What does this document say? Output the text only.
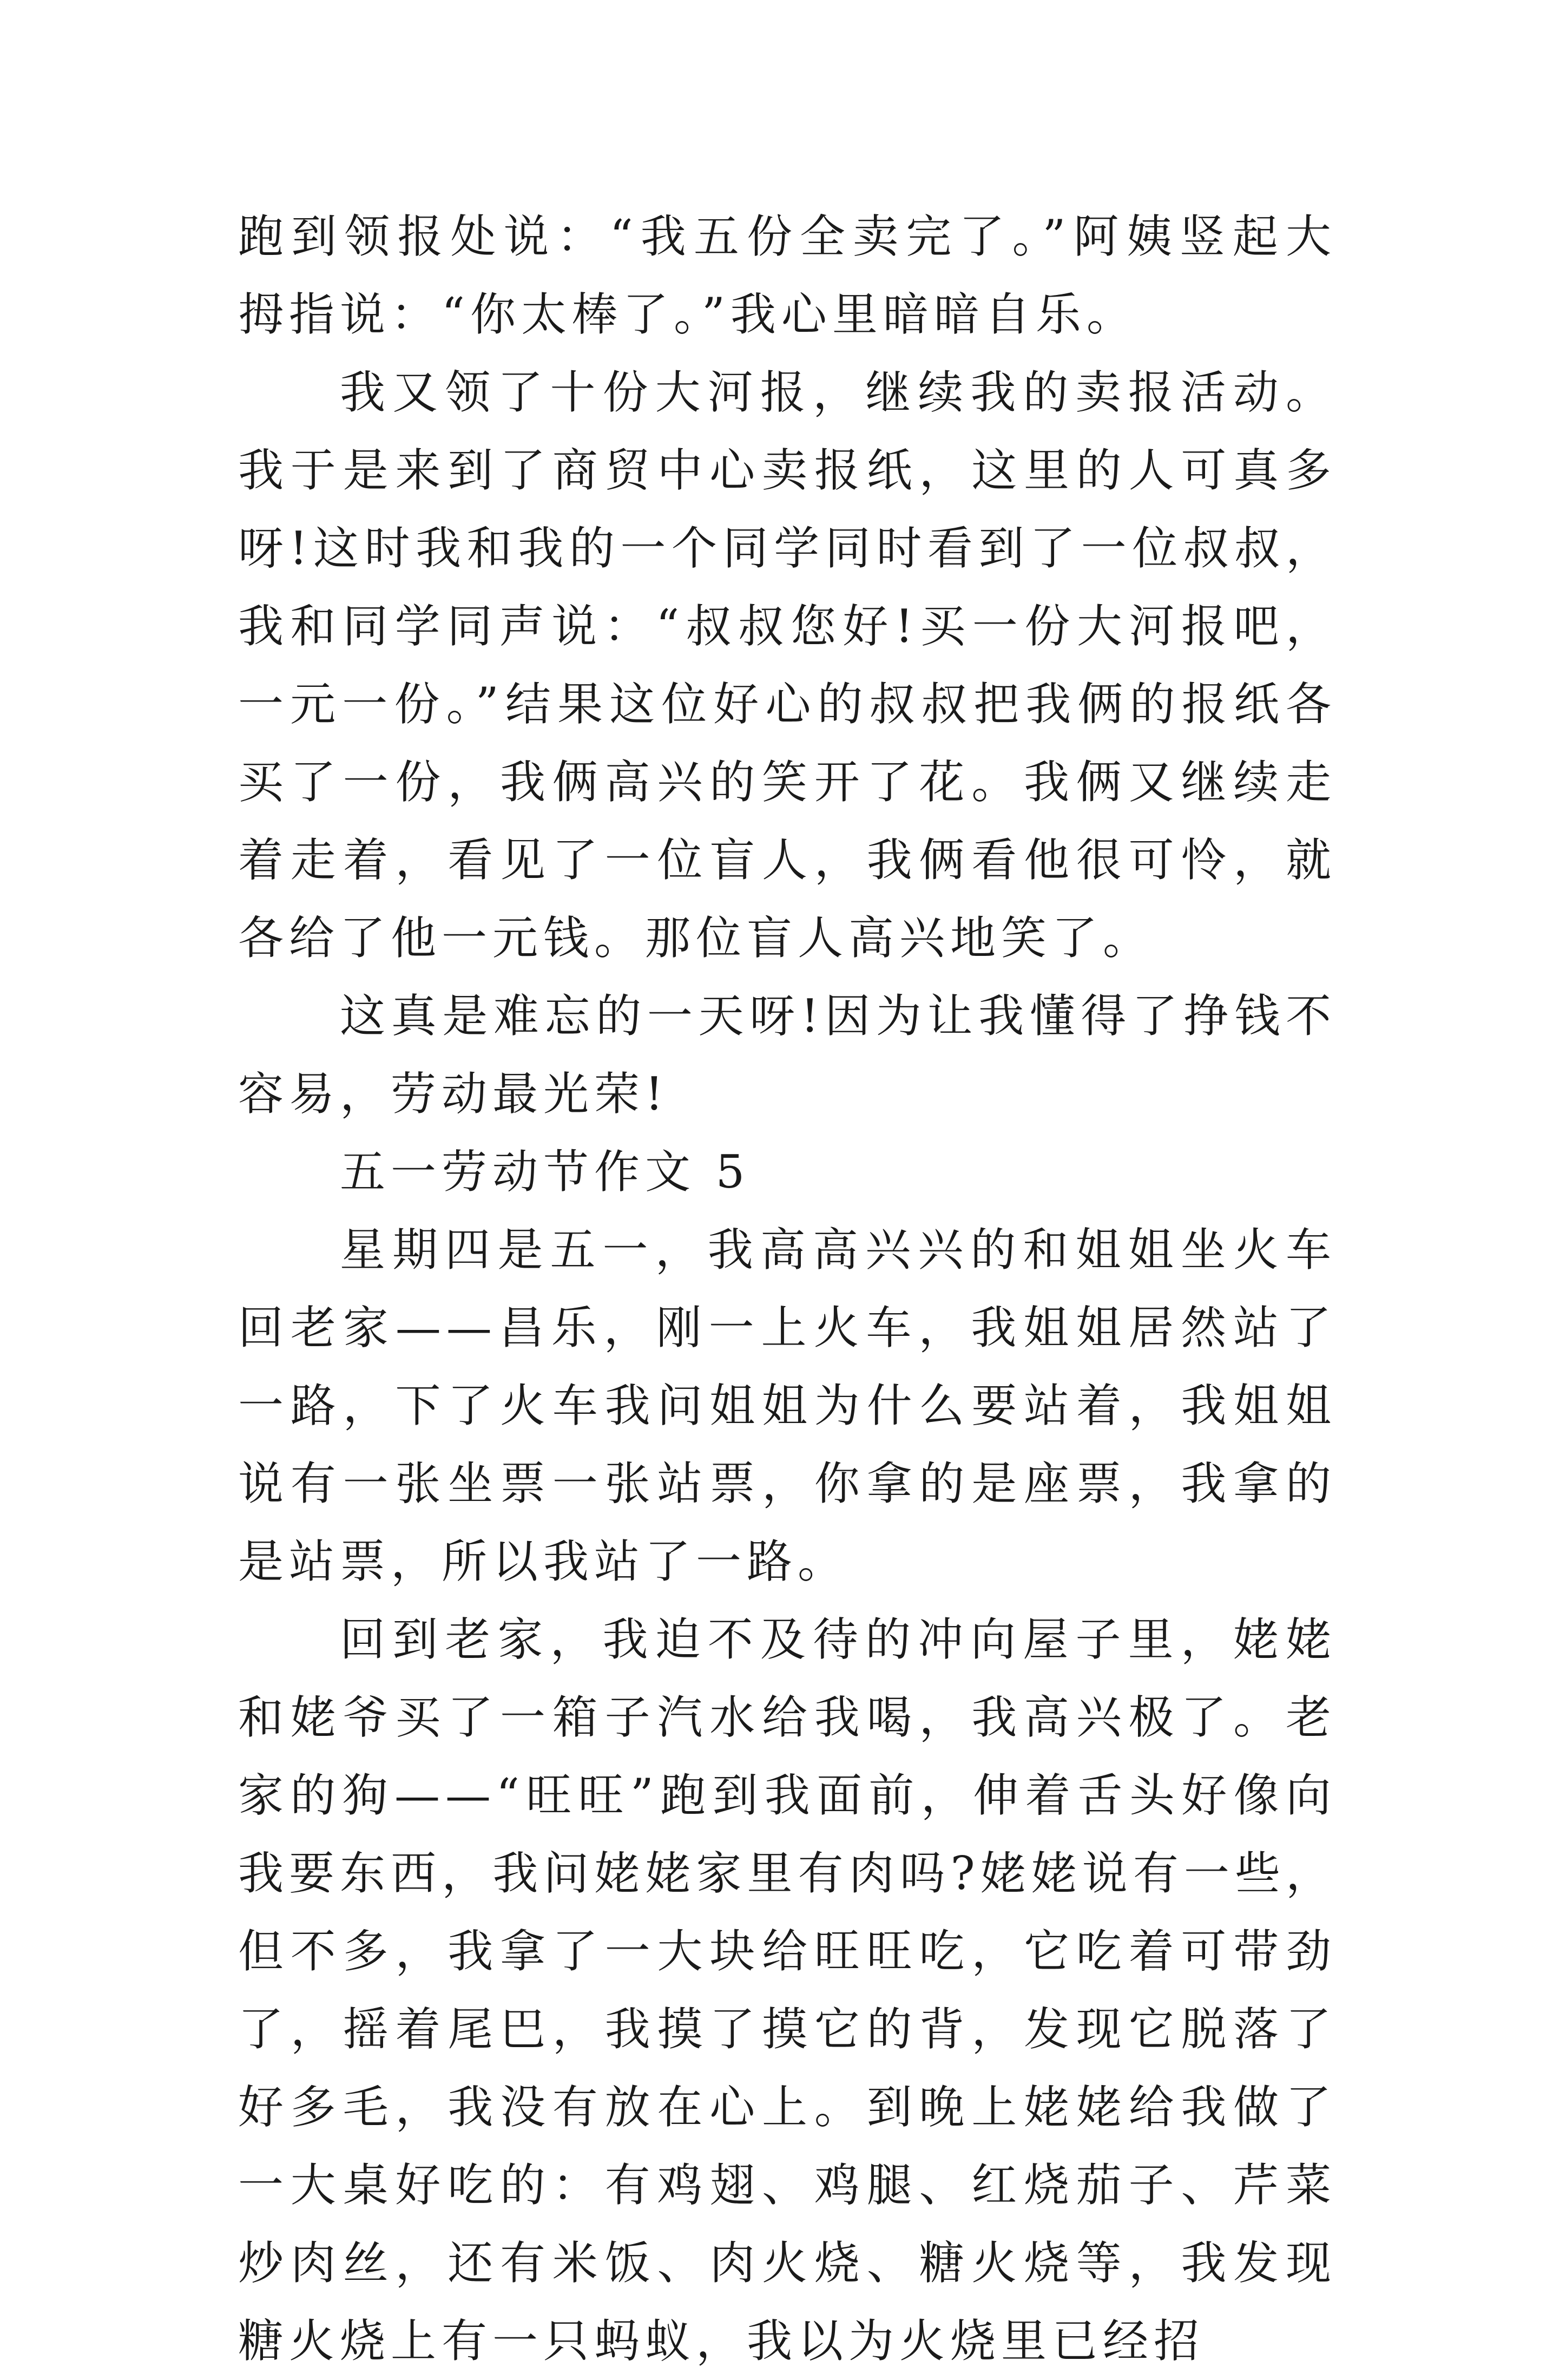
跑到领报处说：“我五份全卖完了。”阿姨竖起大拇指说：“你太棒了。”我心里暗暗自乐。

我又领了十份大河报，继续我的卖报活动。我于是来到了商贸中心卖报纸，这里的人可真多呀!这时我和我的一个同学同时看到了一位叔叔，我和同学同声说：“叔叔您好!买一份大河报吧，一元一份。”结果这位好心的叔叔把我俩的报纸各买了一份，我俩高兴的笑开了花。我俩又继续走着走着，看见了一位盲人，我俩看他很可怜，就各给了他一元钱。那位盲人高兴地笑了。

这真是难忘的一天呀!因为让我懂得了挣钱不容易，劳动最光荣!

五一劳动节作文 5

星期四是五一，我高高兴兴的和姐姐坐火车回老家——昌乐，刚一上火车，我姐姐居然站了一路，下了火车我问姐姐为什么要站着，我姐姐说有一张坐票一张站票，你拿的是座票，我拿的是站票，所以我站了一路。

回到老家，我迫不及待的冲向屋子里，姥姥和姥爷买了一箱子汽水给我喝，我高兴极了。老家的狗——“旺旺”跑到我面前，伸着舌头好像向我要东西，我问姥姥家里有肉吗?姥姥说有一些，但不多，我拿了一大块给旺旺吃，它吃着可带劲了，摇着尾巴，我摸了摸它的背，发现它脱落了好多毛，我没有放在心上。到晚上姥姥给我做了一大桌好吃的：有鸡翅、鸡腿、红烧茄子、芹菜炒肉丝，还有米饭、肉火烧、糖火烧等，我发现糖火烧上有一只蚂蚁，我以为火烧里已经招
